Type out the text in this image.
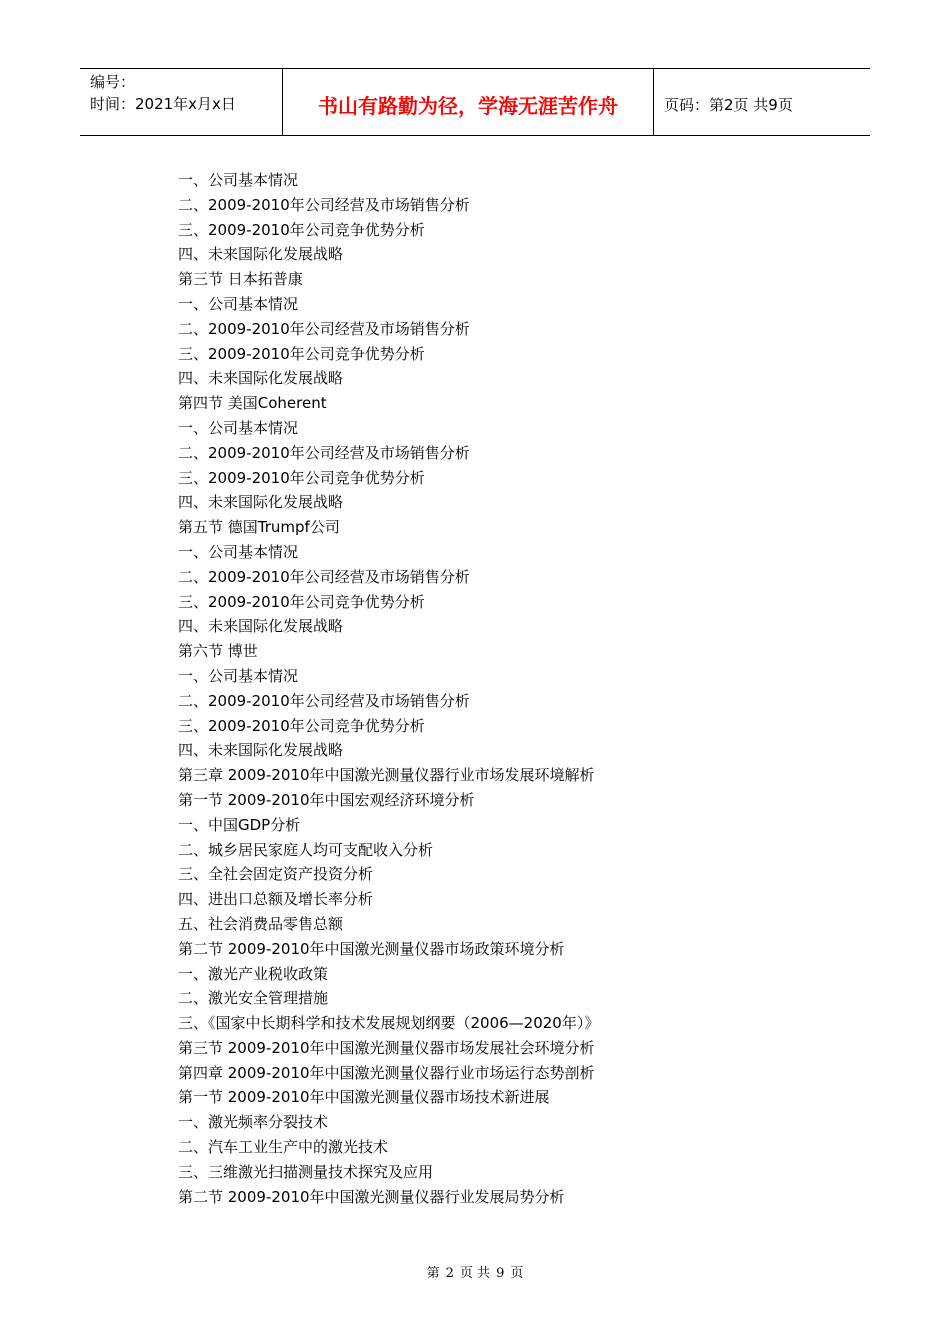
编号：
时间：2021年x月x日	书山有路勤为径，学海无涯苦作舟	页码：第2页 共9页
一、公司基本情况
二、2009-2010年公司经营及市场销售分析
三、2009-2010年公司竞争优势分析
四、未来国际化发展战略
第三节 日本拓普康
一、公司基本情况
二、2009-2010年公司经营及市场销售分析
三、2009-2010年公司竞争优势分析
四、未来国际化发展战略
第四节 美国Coherent
一、公司基本情况
二、2009-2010年公司经营及市场销售分析
三、2009-2010年公司竞争优势分析
四、未来国际化发展战略
第五节 德国Trumpf公司
一、公司基本情况
二、2009-2010年公司经营及市场销售分析
三、2009-2010年公司竞争优势分析
四、未来国际化发展战略
第六节 博世
一、公司基本情况
二、2009-2010年公司经营及市场销售分析
三、2009-2010年公司竞争优势分析
四、未来国际化发展战略
第三章 2009-2010年中国激光测量仪器行业市场发展环境解析
第一节 2009-2010年中国宏观经济环境分析
一、中国GDP分析
二、城乡居民家庭人均可支配收入分析
三、全社会固定资产投资分析
四、进出口总额及增长率分析
五、社会消费品零售总额
第二节 2009-2010年中国激光测量仪器市场政策环境分析
一、激光产业税收政策
二、激光安全管理措施
三、《国家中长期科学和技术发展规划纲要（2006—2020年）》
第三节 2009-2010年中国激光测量仪器市场发展社会环境分析
第四章 2009-2010年中国激光测量仪器行业市场运行态势剖析
第一节 2009-2010年中国激光测量仪器市场技术新进展
一、激光频率分裂技术
二、汽车工业生产中的激光技术
三、三维激光扫描测量技术探究及应用
第二节 2009-2010年中国激光测量仪器行业发展局势分析
第 2 页 共 9 页
